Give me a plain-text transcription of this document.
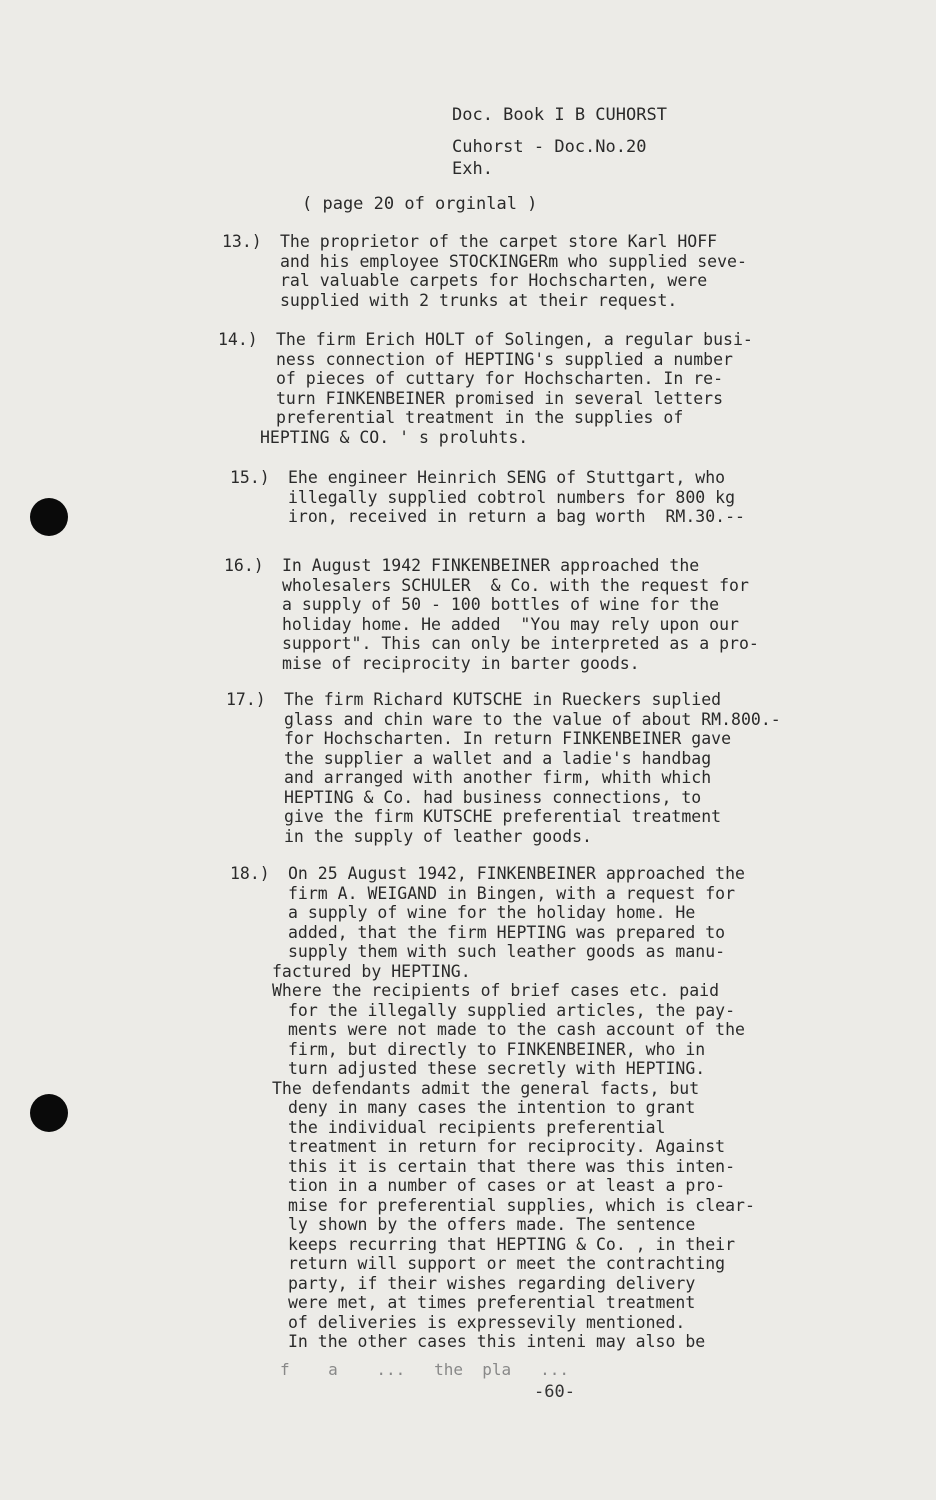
Doc. Book I B CUHORST
Cuhorst - Doc.No.20
Exh.
( page 20 of orginlal )
13.) The proprietor of the carpet store Karl HOFF
and his employee STOCKINGERm who supplied seve-
ral valuable carpets for Hochscharten, were
supplied with 2 trunks at their request.
14.) The firm Erich HOLT of Solingen, a regular busi-
ness connection of HEPTING's supplied a number
of pieces of cuttary for Hochscharten. In re-
turn FINKENBEINER promised in several letters
preferential treatment in the supplies of
HEPTING & CO. ' s proluhts.
15.) Ehe engineer Heinrich SENG of Stuttgart, who
illegally supplied cobtrol numbers for 800 kg
iron, received in return a bag worth  RM.30.--
16.) In August 1942 FINKENBEINER approached the
wholesalers SCHULER  & Co. with the request for
a supply of 50 - 100 bottles of wine for the
holiday home. He added  "You may rely upon our
support". This can only be interpreted as a pro-
mise of reciprocity in barter goods.
17.) The firm Richard KUTSCHE in Rueckers suplied
glass and chin ware to the value of about RM.800.-
for Hochscharten. In return FINKENBEINER gave
the supplier a wallet and a ladie's handbag
and arranged with another firm, whith which
HEPTING & Co. had business connections, to
give the firm KUTSCHE preferential treatment
in the supply of leather goods.
18.) On 25 August 1942, FINKENBEINER approached the
firm A. WEIGAND in Bingen, with a request for
a supply of wine for the holiday home. He
added, that the firm HEPTING was prepared to
supply them with such leather goods as manu-
factured by HEPTING.
Where the recipients of brief cases etc. paid
for the illegally supplied articles, the pay-
ments were not made to the cash account of the
firm, but directly to FINKENBEINER, who in
turn adjusted these secretly with HEPTING.
The defendants admit the general facts, but
deny in many cases the intention to grant
the individual recipients preferential
treatment in return for reciprocity. Against
this it is certain that there was this inten-
tion in a number of cases or at least a pro-
mise for preferential supplies, which is clear-
ly shown by the offers made. The sentence
keeps recurring that HEPTING & Co. , in their
return will support or meet the contrachting
party, if their wishes regarding delivery
were met, at times preferential treatment
of deliveries is expressevily mentioned.
In the other cases this inteni may also be
f    a    ...   the  pla   ...
-60-
